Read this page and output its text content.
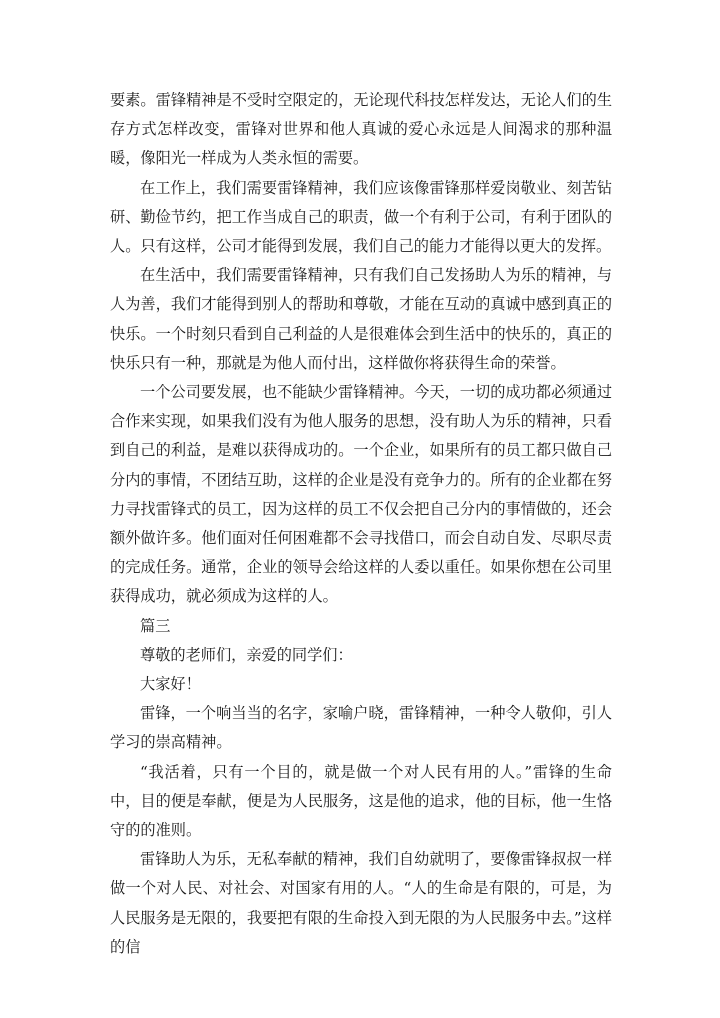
要素。雷锋精神是不受时空限定的，无论现代科技怎样发达，无论人们的生存方式怎样改变，雷锋对世界和他人真诚的爱心永远是人间渴求的那种温暖，像阳光一样成为人类永恒的需要。

在工作上，我们需要雷锋精神，我们应该像雷锋那样爱岗敬业、刻苦钻研、勤俭节约，把工作当成自己的职责，做一个有利于公司，有利于团队的人。只有这样，公司才能得到发展，我们自己的能力才能得以更大的发挥。

在生活中，我们需要雷锋精神，只有我们自己发扬助人为乐的精神，与人为善，我们才能得到别人的帮助和尊敬，才能在互动的真诚中感到真正的快乐。一个时刻只看到自己利益的人是很难体会到生活中的快乐的，真正的快乐只有一种，那就是为他人而付出，这样做你将获得生命的荣誉。

一个公司要发展，也不能缺少雷锋精神。今天，一切的成功都必须通过合作来实现，如果我们没有为他人服务的思想，没有助人为乐的精神，只看到自己的利益，是难以获得成功的。一个企业，如果所有的员工都只做自己分内的事情，不团结互助，这样的企业是没有竞争力的。所有的企业都在努力寻找雷锋式的员工，因为这样的员工不仅会把自己分内的事情做的，还会额外做许多。他们面对任何困难都不会寻找借口，而会自动自发、尽职尽责的完成任务。通常，企业的领导会给这样的人委以重任。如果你想在公司里获得成功，就必须成为这样的人。

篇三

尊敬的老师们，亲爱的同学们：

大家好！

雷锋，一个响当当的名字，家喻户晓，雷锋精神，一种令人敬仰，引人学习的崇高精神。

“我活着，只有一个目的，就是做一个对人民有用的人。”雷锋的生命中，目的便是奉献，便是为人民服务，这是他的追求，他的目标，他一生恪守的的准则。

雷锋助人为乐，无私奉献的精神，我们自幼就明了，要像雷锋叔叔一样做一个对人民、对社会、对国家有用的人。“人的生命是有限的，可是，为人民服务是无限的，我要把有限的生命投入到无限的为人民服务中去。”这样的信
